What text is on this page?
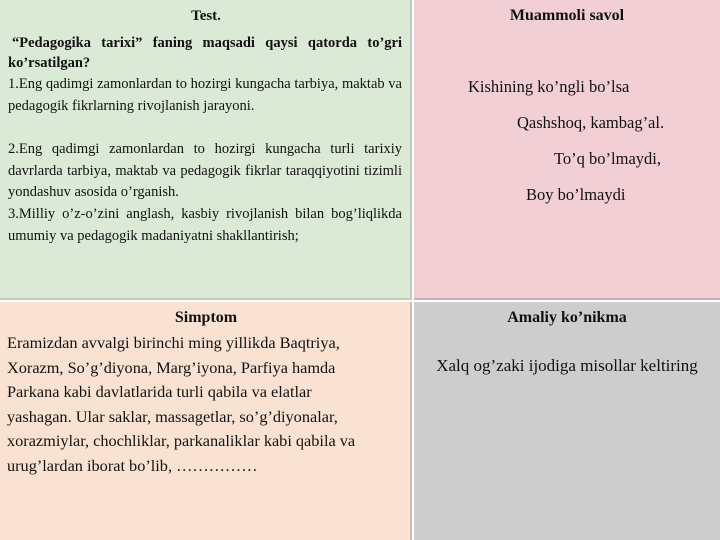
Test.
“Pedagogika tarixi” faning maqsadi qaysi qatorda to’gri ko’rsatilgan?
1.Eng qadimgi zamonlardan to hozirgi kungacha tarbiya, maktab va pedagogik fikrlarning rivojlanish jarayoni.
2.Eng qadimgi zamonlardan to hozirgi kungacha turli tarixiy davrlarda tarbiya, maktab va pedagogik fikrlar taraqqiyotini tizimli yondashuv asosida o’rganish.
3.Milliy o’z-o’zini anglash, kasbiy rivojlanish bilan bog’liqlikda umumiy va pedagogik madaniyatni shakllantirish;
Muammoli savol
Kishining ko’ngli bo’lsa
Qashshoq, kambag’al.
To’q bo’lmaydi,
Boy bo’lmaydi
Simptom
Eramizdan avvalgi birinchi ming yillikda Baqtriya, Xorazm, So’g’diyona, Marg’iyona, Parfiya hamda Parkana kabi davlatlarida turli qabila va elatlar yashagan. Ular saklar, massagetlar, so’g’diyonalar, xorazmiylar, chochliklar, parkanaliklar kabi qabila va urug’lardan iborat bo’lib, ……………
Amaliy ko’nikma
Xalq og’zaki ijodiga misollar keltiring
